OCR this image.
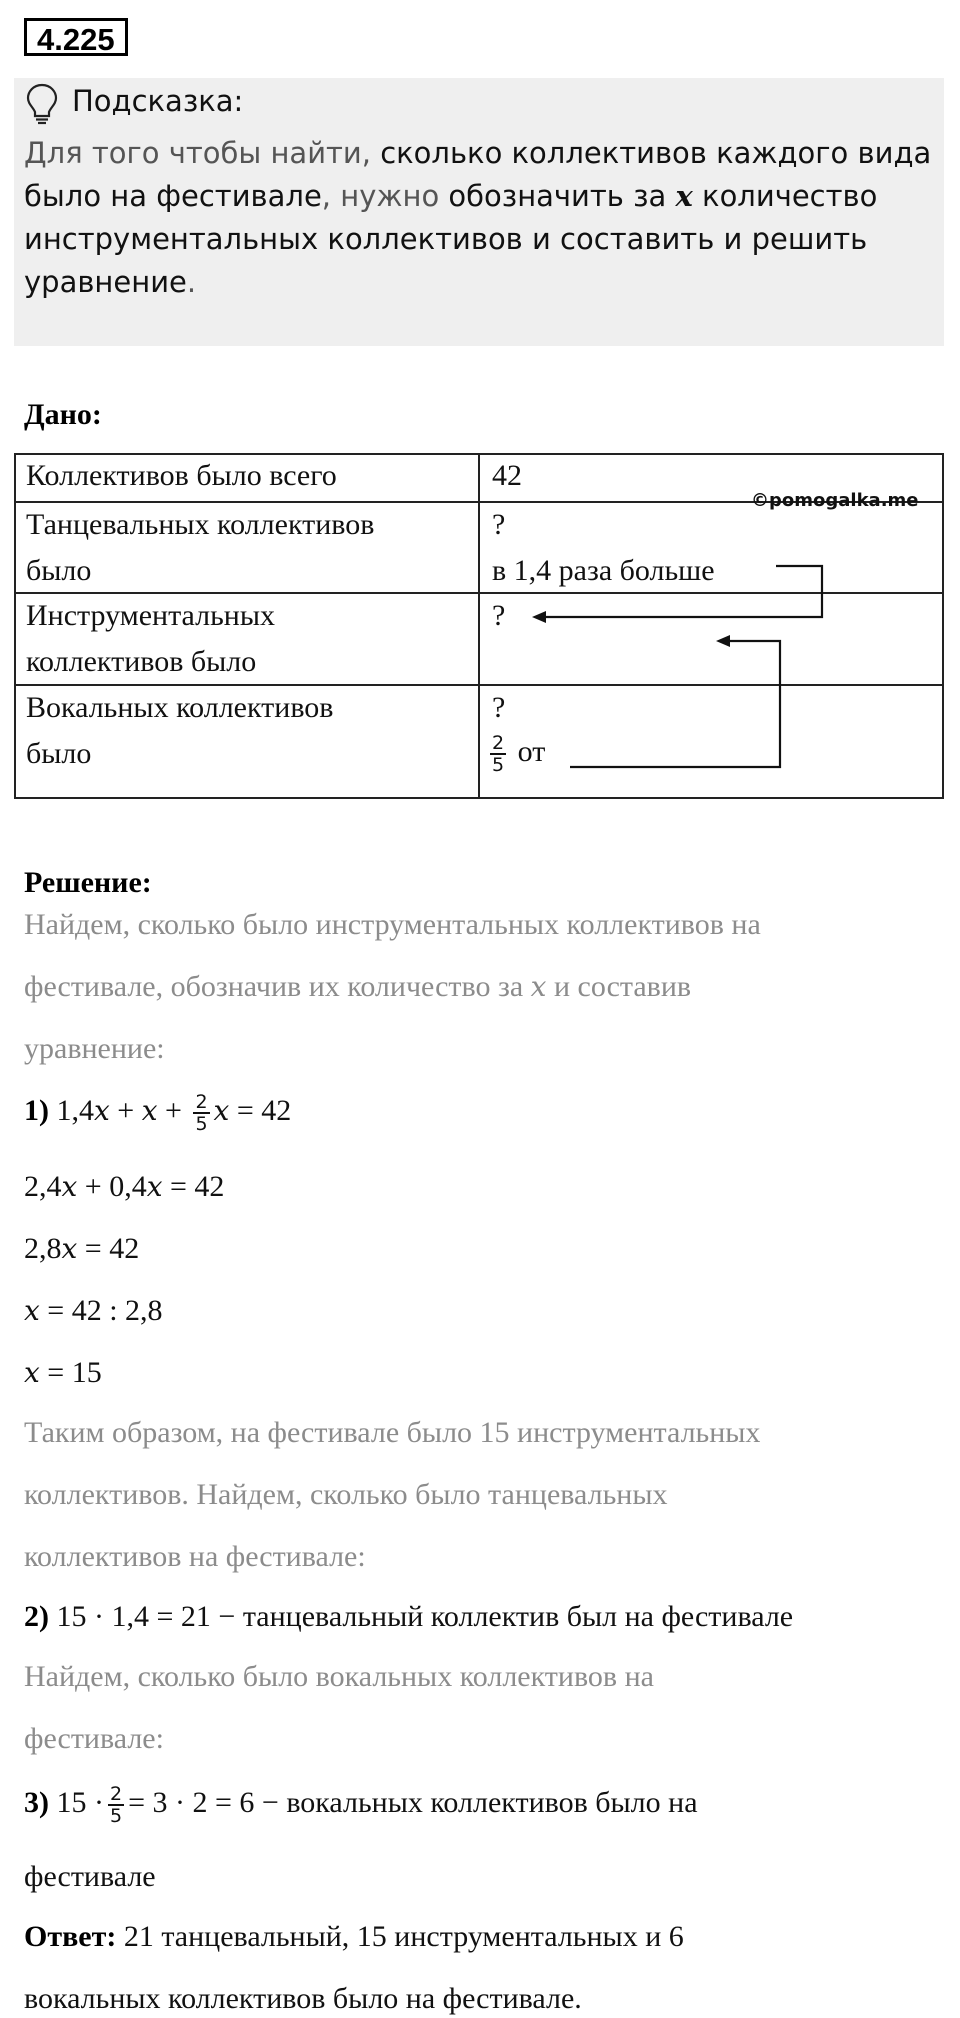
4.225
Подсказка:
Для того чтобы найти, сколько коллективов каждого вида
было на фестивале, нужно обозначить за x количество
инструментальных коллективов и составить и решить
уравнение.
Дано:
Коллективов было всего	42
Танцевальных коллективов
было
?
в 1,4 раза больше
Инструментальных
коллективов было
?
Вокальных коллективов
было
?
$\frac{2}{5}$ от
©pomogalka.me
Решение:
Найдем, сколько было инструментальных коллективов на
фестивале, обозначив их количество за x и составив
уравнение:
1) $1,4x + x + \frac{2}{5}$ x = 42
2,4x + 0,4x = 42
2,8x = 42
x = 42 : 2,8
x = 15
Таким образом, на фестивале было 15 инструментальных
коллективов. Найдем, сколько было танцевальных
коллективов на фестивале:
2) 15 · 1,4 = 21 − танцевальный коллектив был на фестивале
Найдем, сколько было вокальных коллективов на
фестивале:
3) $15 \cdot \frac{2}{5} = 3 \cdot 2 = 6$ − вокальных коллективов было на
фестивале
Ответ: 21 танцевальный, 15 инструментальных и 6
вокальных коллективов было на фестивале.
